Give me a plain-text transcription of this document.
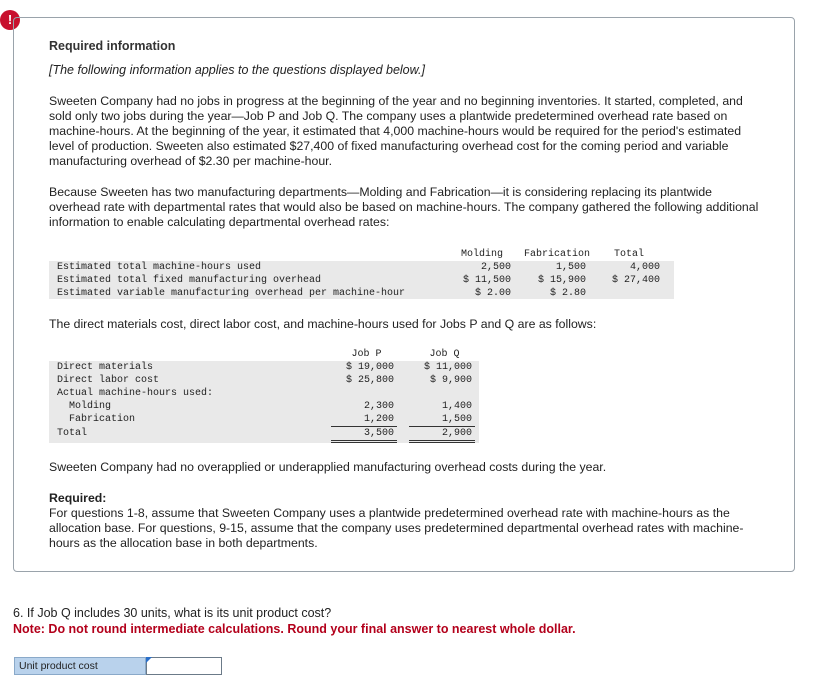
!
Required information
[The following information applies to the questions displayed below.]

Sweeten Company had no jobs in progress at the beginning of the year and no beginning inventories. It started, completed, and sold only two jobs during the year—Job P and Job Q. The company uses a plantwide predetermined overhead rate based on machine-hours. At the beginning of the year, it estimated that 4,000 machine-hours would be required for the period's estimated level of production. Sweeten also estimated $27,400 of fixed manufacturing overhead cost for the coming period and variable manufacturing overhead of $2.30 per machine-hour.

Because Sweeten has two manufacturing departments—Molding and Fabrication—it is considering replacing its plantwide overhead rate with departmental rates that would also be based on machine-hours. The company gathered the following additional information to enable calculating departmental overhead rates:

Molding Fabrication Total
Estimated total machine-hours used	2,500	1,500	4,000
Estimated total fixed manufacturing overhead	$ 11,500	$ 15,900	$ 27,400
Estimated variable manufacturing overhead per machine-hour	$ 2.00	$ 2.80

The direct materials cost, direct labor cost, and machine-hours used for Jobs P and Q are as follows:

Job P	Job Q
Direct materials	$ 19,000	$ 11,000
Direct labor cost	$ 25,800	$ 9,900
Actual machine-hours used:
Molding	2,300	1,400
Fabrication	1,200	1,500
Total	3,500	2,900

Sweeten Company had no overapplied or underapplied manufacturing overhead costs during the year.

Required:
For questions 1-8, assume that Sweeten Company uses a plantwide predetermined overhead rate with machine-hours as the allocation base. For questions, 9-15, assume that the company uses predetermined departmental overhead rates with machine-hours as the allocation base in both departments.
6. If Job Q includes 30 units, what is its unit product cost?
Note: Do not round intermediate calculations. Round your final answer to nearest whole dollar.
Unit product cost
